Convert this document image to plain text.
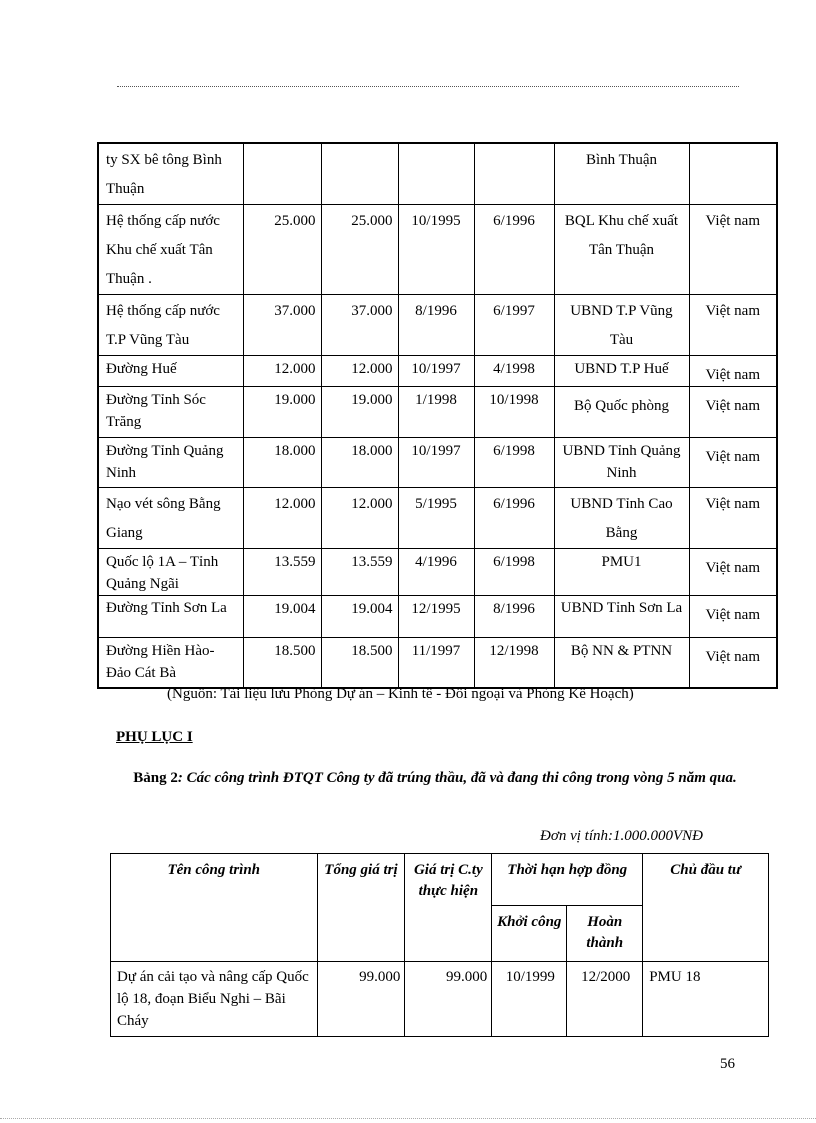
ty SX bê tông Bình Thuận					Bình Thuận	
Hệ thống cấp nước Khu chế xuất Tân Thuận .	25.000	25.000	10/1995	6/1996	BQL Khu chế xuất Tân Thuận	Việt nam
Hệ thống cấp nước T.P Vũng Tàu	37.000	37.000	8/1996	6/1997	UBND T.P Vũng Tàu	Việt nam
Đường Huế	12.000	12.000	10/1997	4/1998	UBND T.P Huế	Việt nam
Đường Tỉnh Sóc Trăng	19.000	19.000	1/1998	10/1998	Bộ Quốc phòng	Việt nam
Đường Tỉnh Quảng Ninh	18.000	18.000	10/1997	6/1998	UBND Tỉnh Quảng Ninh	Việt nam
Nạo vét sông Bằng Giang	12.000	12.000	5/1995	6/1996	UBND Tỉnh Cao Bằng	Việt nam
Quốc lộ 1A – Tỉnh Quảng Ngãi	13.559	13.559	4/1996	6/1998	PMU1	Việt nam
Đường Tỉnh Sơn La	19.004	19.004	12/1995	8/1996	UBND Tỉnh Sơn La	Việt nam
Đường Hiền Hào-Đảo Cát Bà	18.500	18.500	11/1997	12/1998	Bộ NN & PTNN	Việt nam
(Nguồn: Tài liệu lưu Phòng Dự án – Kinh tế - Đối ngoại và Phòng Kế Hoạch)
PHỤ LỤC I
Bảng 2: Các công trình ĐTQT Công ty đã trúng thầu, đã và đang thi công trong vòng 5 năm qua.
Đơn vị tính:1.000.000VNĐ
Tên công trình	Tổng giá trị	Giá trị C.ty thực hiện	Thời hạn hợp đồng		Chủ đầu tư
			Khởi công	Hoàn thành	
Dự án cải tạo và nâng cấp Quốc lộ 18, đoạn Biểu Nghi – Bãi Cháy	99.000	99.000	10/1999	12/2000	PMU 18
56
